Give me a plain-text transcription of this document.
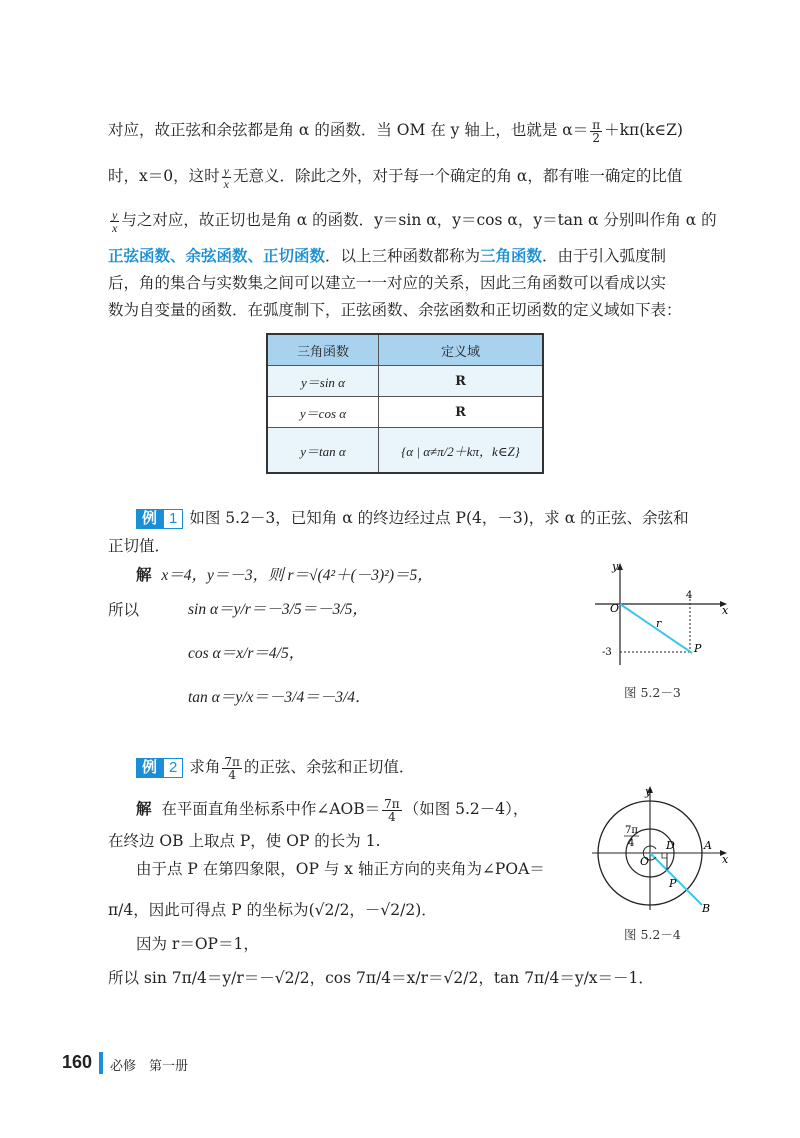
对应，故正弦和余弦都是角 α 的函数．当 OM 在 y 轴上，也就是 $\alpha= \frac{\pi}{2}$ ＋kπ(k∈Z)
时，x＝0，这时 $\frac{y}{x}$ 无意义．除此之外，对于每一个确定的角 α，都有唯一确定的比值
$\frac{y}{x}$ 与之对应，故正切也是角 α 的函数．y＝sin α，y＝cos α，y＝tan α 分别叫作角 α 的
正弦函数、余弦函数、正切函数．以上三种函数都称为三角函数．由于引入弧度制
后，角的集合与实数集之间可以建立一一对应的关系，因此三角函数可以看成以实
数为自变量的函数．在弧度制下，正弦函数、余弦函数和正切函数的定义域如下表：
三角函数	定义域
y＝sin α	R
y＝cos α	R
y＝tan α	{α | α≠π/2＋kπ，k∈Z}
例 1 如图 5.2－3，已知角 α 的终边经过点 P(4，－3)，求 α 的正弦、余弦和
正切值．
解 x＝4，y＝－3，则 r＝√(4²＋(－3)²)＝5，
所以	sin α＝y/r＝－3/5＝－3/5，
cos α＝x/r＝4/5，
tan α＝y/x＝－3/4＝－3/4．
y
x
O
4
r
-3	P
图 5.2－3
例 2 求角 $\frac{7\pi}{4}$ 的正弦、余弦和正切值．
解 在平面直角坐标系中作∠AOB＝ $\frac{7\pi}{4}$ （如图 5.2－4），
在终边 OB 上取点 P，使 OP 的长为 1.
由于点 P 在第四象限，OP 与 x 轴正方向的夹角为∠POA＝
π/4，因此可得点 P 的坐标为(√2/2，－√2/2)．
因为 r＝OP＝1，
所以 sin 7π/4＝y/r＝－√2/2，cos 7π/4＝x/r＝√2/2，tan 7π/4＝y/x＝－1．
y
x
O
D	A
P
B
7π
4
图 5.2－4
160 必修　第一册
